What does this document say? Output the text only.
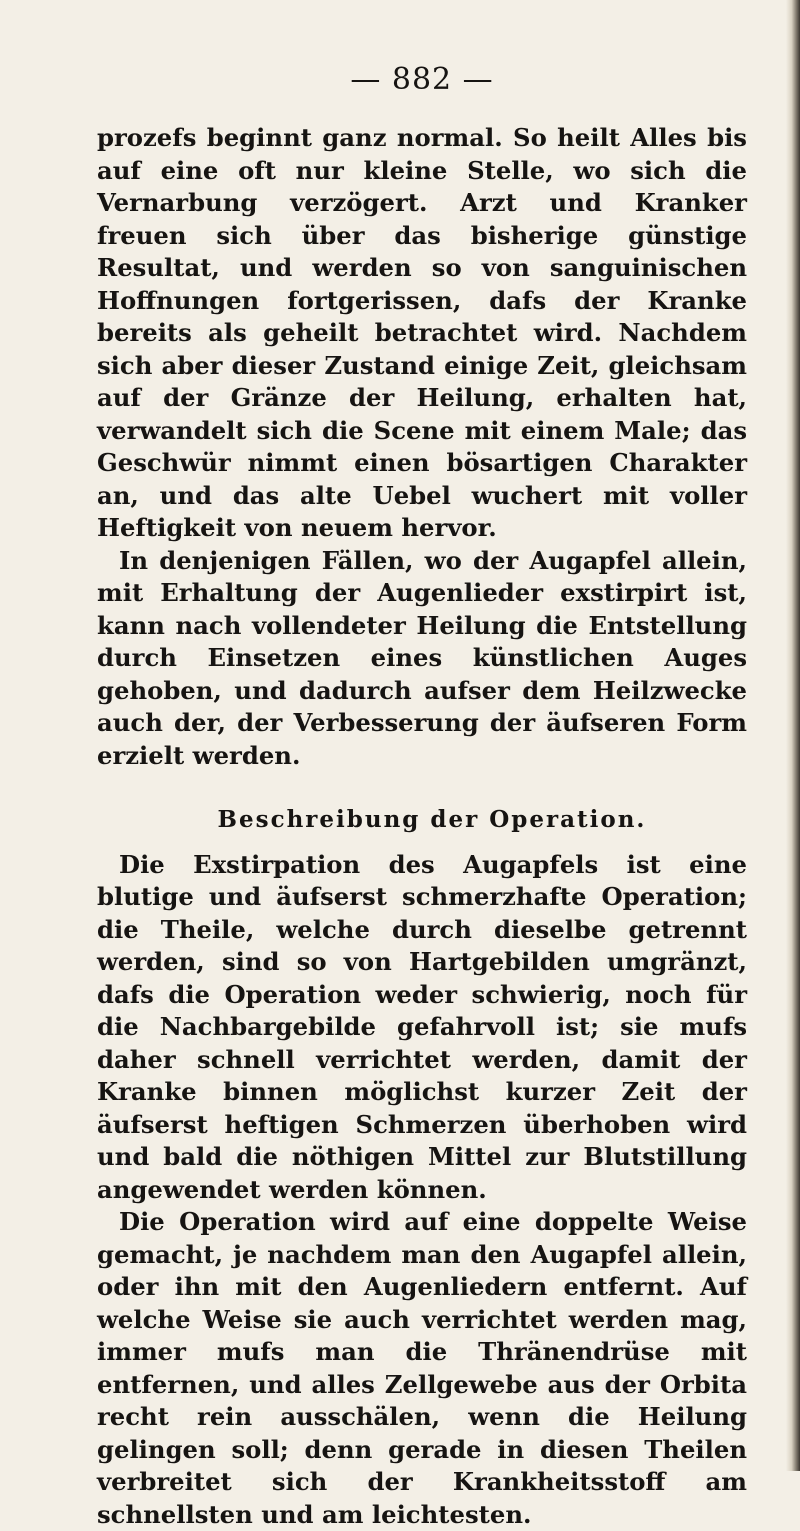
— 882 —

prozefs beginnt ganz normal. So heilt Alles bis auf eine oft nur kleine Stelle, wo sich die Vernarbung verzögert. Arzt und Kranker freuen sich über das bisherige günstige Resultat, und werden so von sanguinischen Hoffnungen fortgerissen, dafs der Kranke bereits als geheilt betrachtet wird. Nachdem sich aber dieser Zustand einige Zeit, gleichsam auf der Gränze der Heilung, erhalten hat, verwandelt sich die Scene mit einem Male; das Geschwür nimmt einen bösartigen Charakter an, und das alte Uebel wuchert mit voller Heftigkeit von neuem hervor.

In denjenigen Fällen, wo der Augapfel allein, mit Erhaltung der Augenlieder exstirpirt ist, kann nach vollendeter Heilung die Entstellung durch Einsetzen eines künstlichen Auges gehoben, und dadurch aufser dem Heilzwecke auch der, der Verbesserung der äufseren Form erzielt werden.

Beschreibung der Operation.

Die Exstirpation des Augapfels ist eine blutige und äufserst schmerzhafte Operation; die Theile, welche durch dieselbe getrennt werden, sind so von Hartgebilden umgränzt, dafs die Operation weder schwierig, noch für die Nachbargebilde gefahrvoll ist; sie mufs daher schnell verrichtet werden, damit der Kranke binnen möglichst kurzer Zeit der äufserst heftigen Schmerzen überhoben wird und bald die nöthigen Mittel zur Blutstillung angewendet werden können.

Die Operation wird auf eine doppelte Weise gemacht, je nachdem man den Augapfel allein, oder ihn mit den Augenliedern entfernt. Auf welche Weise sie auch verrichtet werden mag, immer mufs man die Thränendrüse mit entfernen, und alles Zellgewebe aus der Orbita recht rein ausschälen, wenn die Heilung gelingen soll; denn gerade in diesen Theilen verbreitet sich der Krankheitsstoff am schnellsten und am leichtesten.
